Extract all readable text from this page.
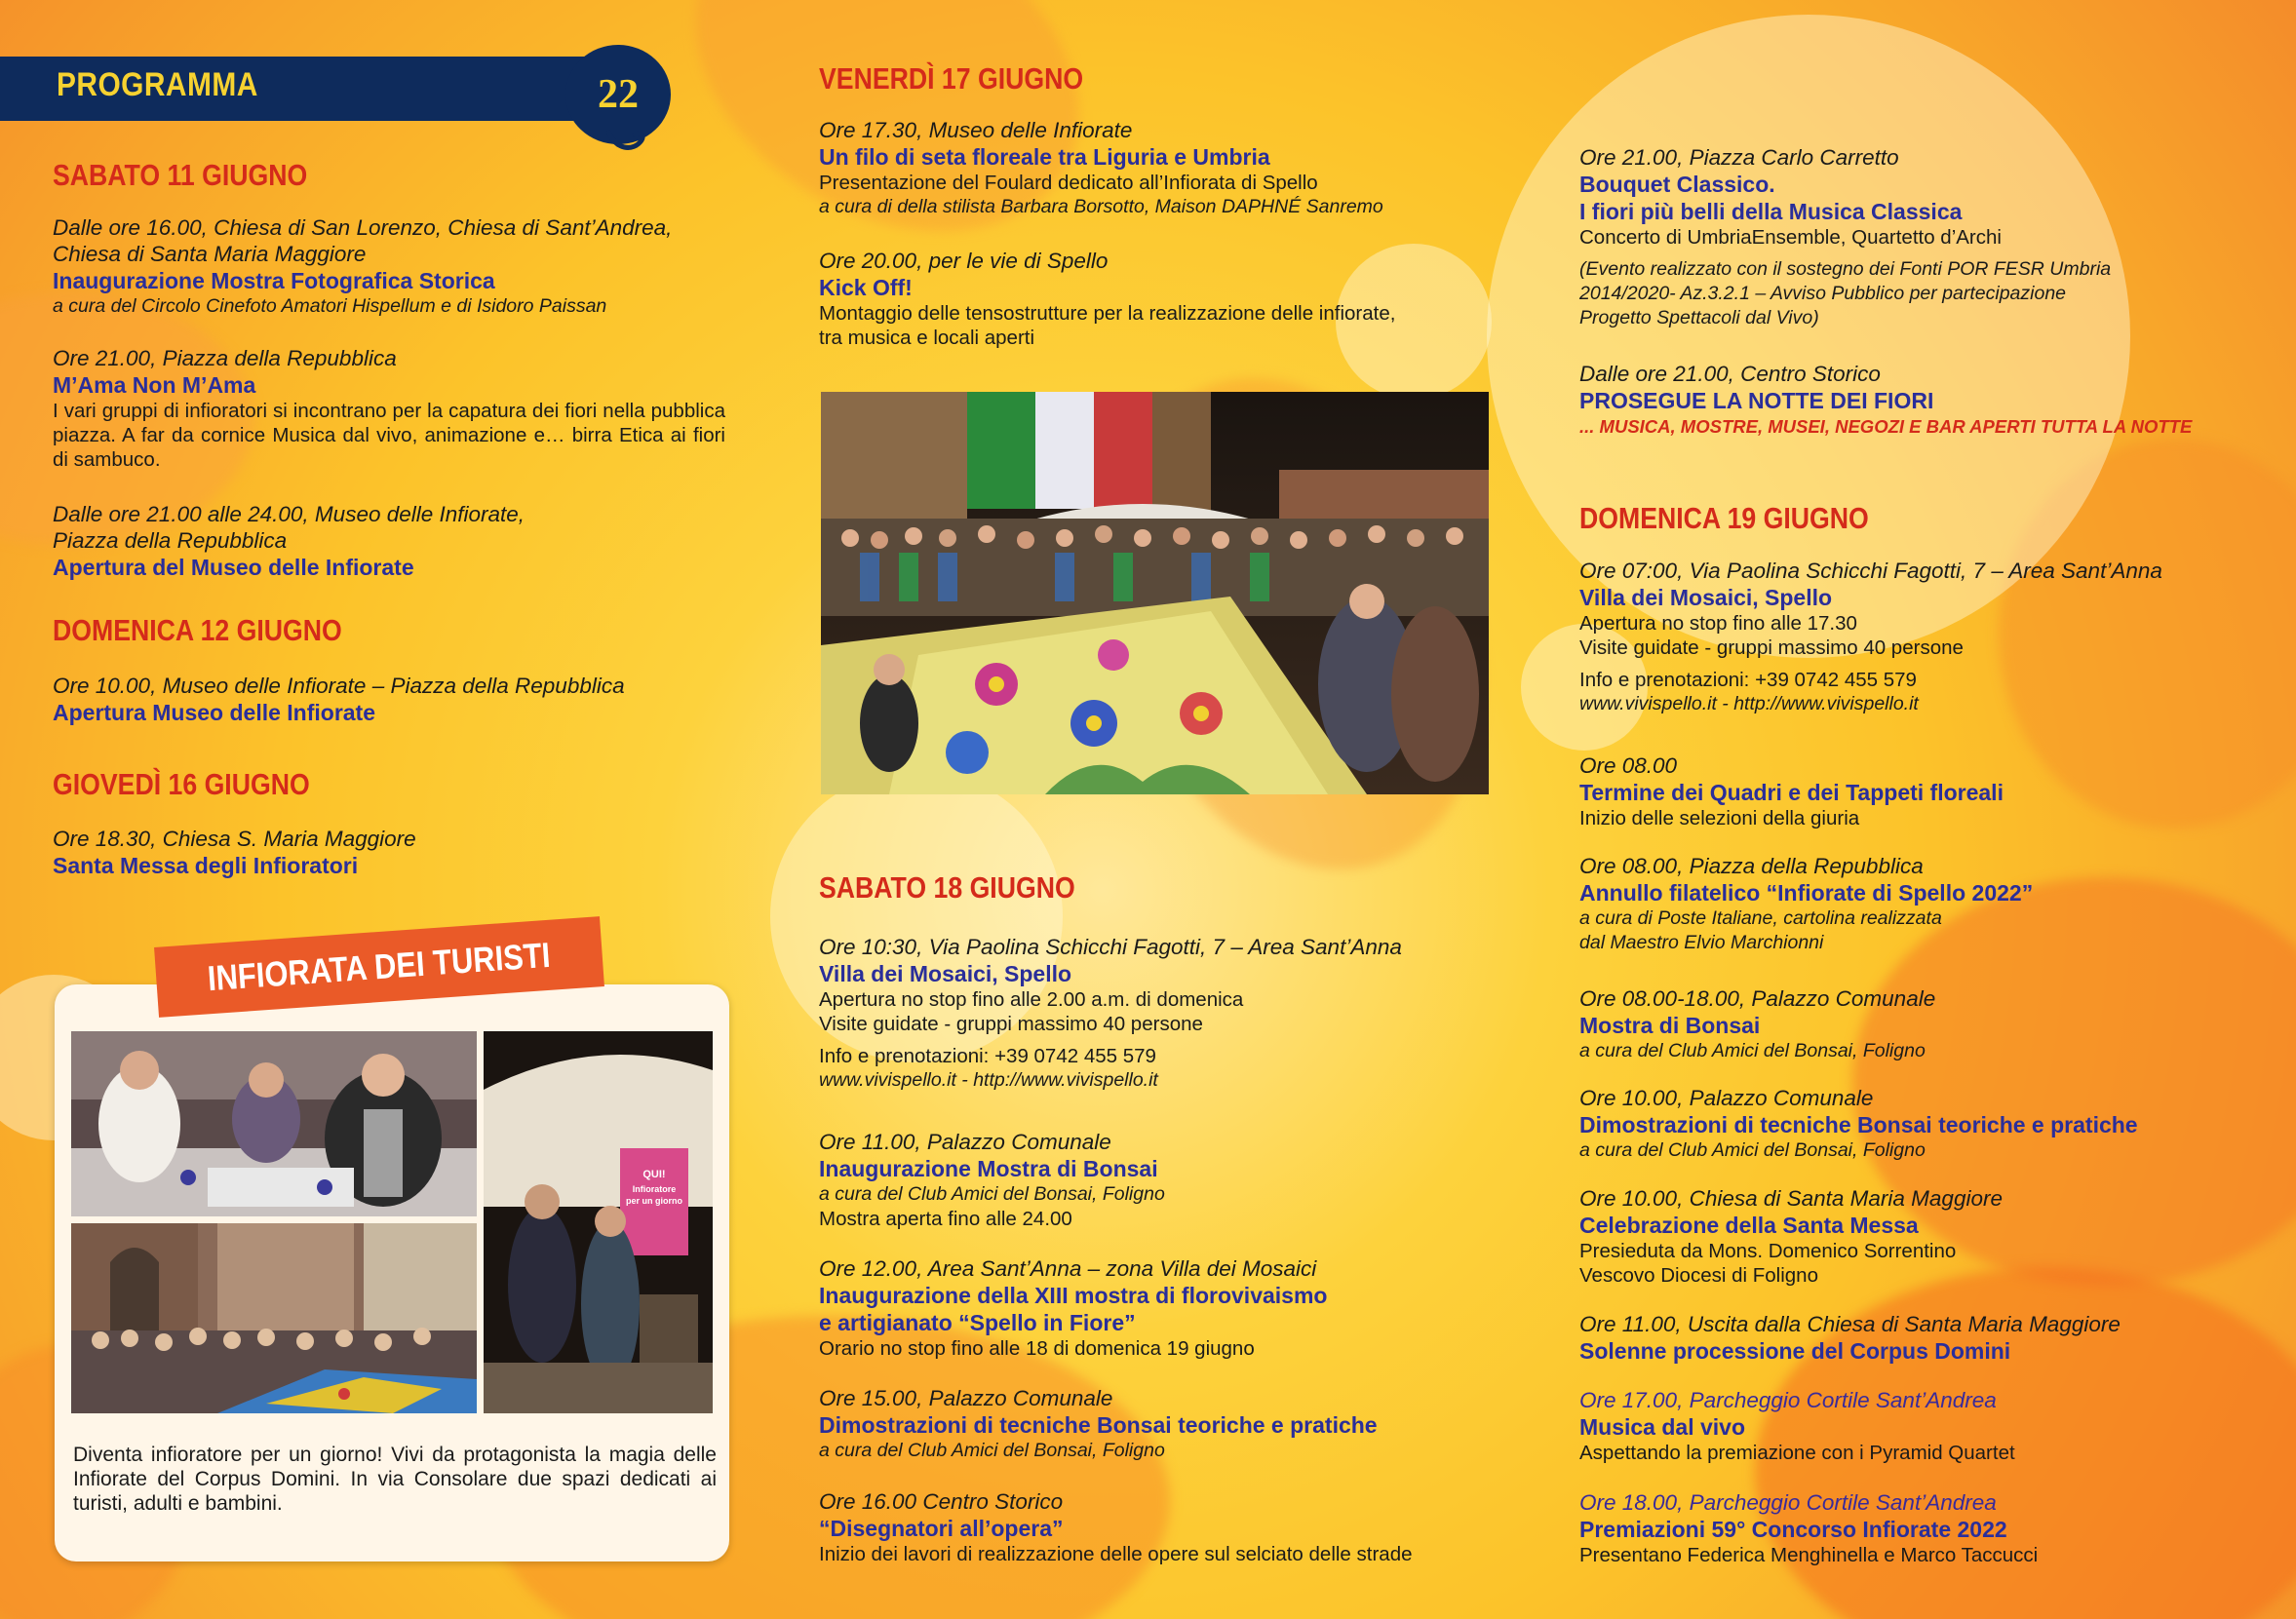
PROGRAMMA	22
SABATO 11 GIUGNO
Dalle ore 16.00, Chiesa di San Lorenzo, Chiesa di Sant’Andrea,
Chiesa di Santa Maria Maggiore
Inaugurazione Mostra Fotografica Storica
a cura del Circolo Cinefoto Amatori Hispellum e di Isidoro Paissan
Ore 21.00, Piazza della Repubblica
M’Ama Non M’Ama
I vari gruppi di infioratori si incontrano per la capatura dei fiori nella pubblica piazza. A far da cornice Musica dal vivo, animazione e… birra Etica ai fiori di sambuco.
Dalle ore 21.00 alle 24.00, Museo delle Infiorate,
Piazza della Repubblica
Apertura del Museo delle Infiorate
DOMENICA 12 GIUGNO
Ore 10.00, Museo delle Infiorate – Piazza della Repubblica
Apertura Museo delle Infiorate
GIOVEDÌ 16 GIUGNO
Ore 18.30, Chiesa S. Maria Maggiore
Santa Messa degli Infioratori
INFIORATA DEI TURISTI
QUI!
Infioratore
per un giorno
Diventa infioratore per un giorno! Vivi da protagonista la magia delle Infiorate del Corpus Domini. In via Consolare due spazi dedicati ai turisti, adulti e bambini.
VENERDÌ 17 GIUGNO
Ore 17.30, Museo delle Infiorate
Un filo di seta floreale tra Liguria e Umbria
Presentazione del Foulard dedicato all’Infiorata di Spello
a cura di della stilista Barbara Borsotto, Maison DAPHNÉ Sanremo
Ore 20.00, per le vie di Spello
Kick Off!
Montaggio delle tensostrutture per la realizzazione delle infiorate,
tra musica e locali aperti
SABATO 18 GIUGNO
Ore 10:30, Via Paolina Schicchi Fagotti, 7 – Area Sant’Anna
Villa dei Mosaici, Spello
Apertura no stop fino alle 2.00 a.m. di domenica
Visite guidate - gruppi massimo 40 persone
Info e prenotazioni: +39 0742 455 579
www.vivispello.it - http://www.vivispello.it
Ore 11.00, Palazzo Comunale
Inaugurazione Mostra di Bonsai
a cura del Club Amici del Bonsai, Foligno
Mostra aperta fino alle 24.00
Ore 12.00, Area Sant’Anna – zona Villa dei Mosaici
Inaugurazione della XIII mostra di florovivaismo
e artigianato “Spello in Fiore”
Orario no stop fino alle 18 di domenica 19 giugno
Ore 15.00, Palazzo Comunale
Dimostrazioni di tecniche Bonsai teoriche e pratiche
a cura del Club Amici del Bonsai, Foligno
Ore 16.00 Centro Storico
“Disegnatori all’opera”
Inizio dei lavori di realizzazione delle opere sul selciato delle strade
Ore 21.00, Piazza Carlo Carretto
Bouquet Classico.
I fiori più belli della Musica Classica
Concerto di UmbriaEnsemble, Quartetto d’Archi
(Evento realizzato con il sostegno dei Fonti POR FESR Umbria
2014/2020- Az.3.2.1 – Avviso Pubblico per partecipazione
Progetto Spettacoli dal Vivo)
Dalle ore 21.00, Centro Storico
PROSEGUE LA NOTTE DEI FIORI
... MUSICA, MOSTRE, MUSEI, NEGOZI E BAR APERTI TUTTA LA NOTTE
DOMENICA 19 GIUGNO
Ore 07:00, Via Paolina Schicchi Fagotti, 7 – Area Sant’Anna
Villa dei Mosaici, Spello
Apertura no stop fino alle 17.30
Visite guidate - gruppi massimo 40 persone
Info e prenotazioni: +39 0742 455 579
www.vivispello.it - http://www.vivispello.it
Ore 08.00
Termine dei Quadri e dei Tappeti floreali
Inizio delle selezioni della giuria
Ore 08.00, Piazza della Repubblica
Annullo filatelico “Infiorate di Spello 2022”
a cura di Poste Italiane, cartolina realizzata
dal Maestro Elvio Marchionni
Ore 08.00-18.00, Palazzo Comunale
Mostra di Bonsai
a cura del Club Amici del Bonsai, Foligno
Ore 10.00, Palazzo Comunale
Dimostrazioni di tecniche Bonsai teoriche e pratiche
a cura del Club Amici del Bonsai, Foligno
Ore 10.00, Chiesa di Santa Maria Maggiore
Celebrazione della Santa Messa
Presieduta da Mons. Domenico Sorrentino
Vescovo Diocesi di Foligno
Ore 11.00, Uscita dalla Chiesa di Santa Maria Maggiore
Solenne processione del Corpus Domini
Ore 17.00, Parcheggio Cortile Sant’Andrea
Musica dal vivo
Aspettando la premiazione con i Pyramid Quartet
Ore 18.00, Parcheggio Cortile Sant’Andrea
Premiazioni 59° Concorso Infiorate 2022
Presentano Federica Menghinella e Marco Taccucci
